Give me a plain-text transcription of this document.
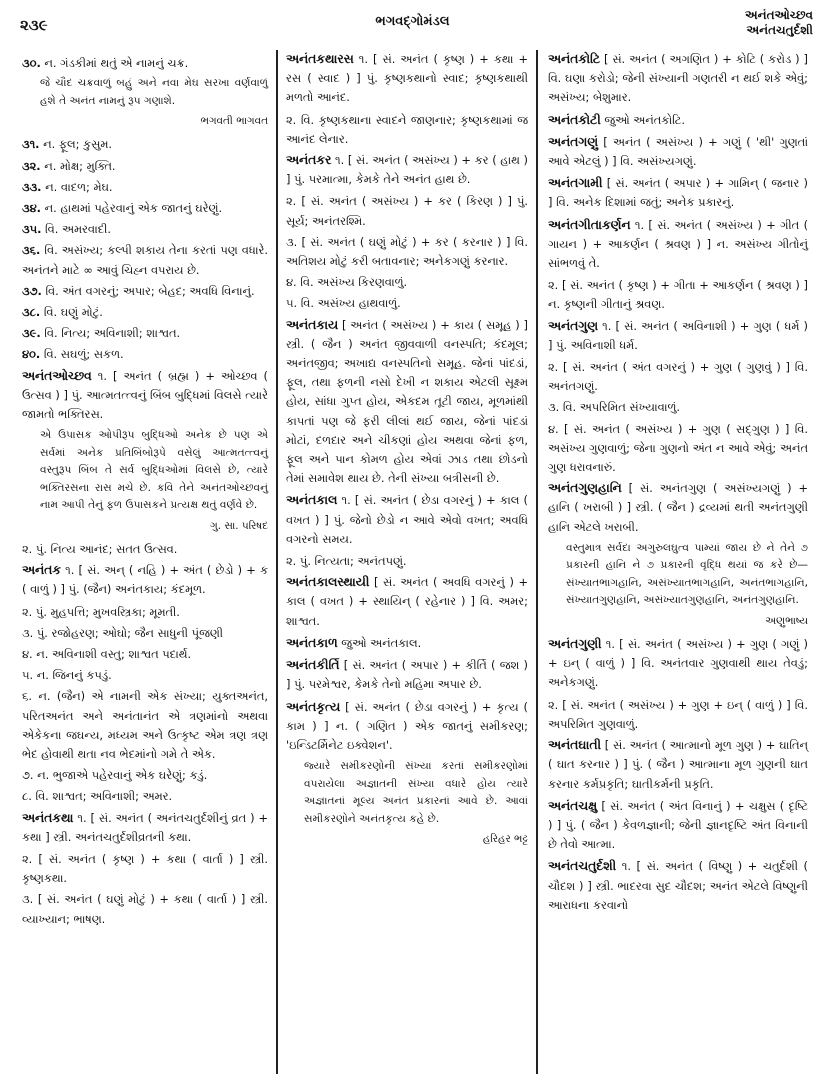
૨૩૯	ભગવદ્ગોમંડલ	અનંતઓચ્છવ
અનંતચતુર્દશી
૩૦. ન. ગંડકીમાં થતું એ નામનું ચક્ર.
જે ચૌદ ચક્રવાળું બહું અને નવા મેઘ સરખા વર્ણવાળું હશે તે અનંત નામનું રૂપ ગણાશે.
ભગવતી ભાગવત
૩૧. ન. ફૂલ; કુસુમ.
૩૨. ન. મોક્ષ; મુક્તિ.
૩૩. ન. વાદળ; મેઘ.
૩૪. ન. હાથમાં પહેરવાનું એક જાતનું ઘરેણું.
૩૫. વિ. અમરવાદી.
૩૬. વિ. અસંખ્ય; કલ્પી શકાય તેના કરતાં પણ વધારે. અનંતને માટે ∞ આવું ચિહ્ન વપરાય છે.
૩૭. વિ. અંત વગરનું; અપાર; બેહદ; અવધિ વિનાનું.
૩૮. વિ. ઘણું મોટું.
૩૯. વિ. નિત્ય; અવિનાશી; શાશ્વત.
૪૦. વિ. સઘળું; સકળ.
અનંતઓચ્છવ ૧. [ અનંત ( બ્રહ્મ ) + ઓચ્છવ ( ઉત્સવ ) ] પું. આત્મતત્ત્વનું બિંબ બુદ્ધિમાં વિલસે ત્યારે જામતો ભક્તિરસ.
એ ઉપાસક ઓપીરૂપ બુદ્ધિઓ અનેક છે પણ એ સર્વમાં અનેક પ્રતિબિંબોરૂપે વસેલું આત્મતત્ત્વનું વસ્તુરૂપ બિંબ તે સર્વ બુદ્ધિઓમાં વિલસે છે, ત્યારે ભક્તિરસના રાસ મચે છે. કવિ તેને અનંતઓચ્છવનું નામ આપી તેનું ફળ ઉપાસકને પ્રત્યક્ષ થતું વર્ણવે છે.
ગુ. સા. પરિષદ
૨. પું. નિત્ય આનંદ; સતત ઉત્સવ.
અનંતક ૧. [ સં. અન્ ( નહિ ) + અંત ( છેડો ) + ક ( વાળું ) ] પું. (જૈન) અનંતકાય; કંદમૂળ.
૨. પું. મુહપત્તિ; મુખવસ્ત્રિકા; મૂમતી.
૩. પું. રજોહરણ; ઓઘો; જૈન સાધુની પૂંજણી
૪. ન. અવિનાશી વસ્તુ; શાશ્વત પદાર્થ.
૫. ન. જિનનું કપડું.
૬. ન. (જૈન) એ નામની એક સંખ્યા; યુક્તઅનંત, પરિતઅનંત અને અનંતાનંત એ ત્રણમાંનો અથવા એકેકના જઘન્ય, મધ્યમ અને ઉત્કૃષ્ટ એમ ત્રણ ત્રણ ભેદ હોવાથી થતા નવ ભેદમાંનો ગમે તે એક.
૭. ન. ભુજાએ પહેરવાનું એક ઘરેણું; કડું.
૮. વિ. શાશ્વત; અવિનાશી; અમર.
અનંતકથા ૧. [ સં. અનંત ( અનંતચતુર્દશીનું વ્રત ) + કથા ] સ્ત્રી. અનંતચતુર્દશીવ્રતની કથા.
૨. [ સં. અનંત ( કૃષ્ણ ) + કથા ( વાર્તા ) ] સ્ત્રી. કૃષ્ણકથા.
૩. [ સં. અનંત ( ઘણું મોટું ) + કથા ( વાર્તા ) ] સ્ત્રી. વ્યાખ્યાન; ભાષણ.
અનંતકથારસ ૧. [ સં. અનંત ( કૃષ્ણ ) + કથા + રસ ( સ્વાદ ) ] પું. કૃષ્ણકથાનો સ્વાદ; કૃષ્ણકથાથી મળતો આનંદ.
૨. વિ. કૃષ્ણકથાના સ્વાદને જાણનાર; કૃષ્ણકથામાં જ આનંદ લેનાર.
અનંતકર ૧. [ સં. અનંત ( અસંખ્ય ) + કર ( હાથ ) ] પું. પરમાત્મા, કેમકે તેને અનંત હાથ છે.
૨. [ સં. અનંત ( અસંખ્ય ) + કર ( કિરણ ) ] પું. સૂર્ય; અનંતરશ્મિ.
૩. [ સં. અનંત ( ઘણું મોટું ) + કર ( કરનાર ) ] વિ. અતિશય મોટું કરી બતાવનાર; અનેકગણું કરનાર.
૪. વિ. અસંખ્ય કિરણવાળું.
૫. વિ. અસંખ્ય હાથવાળું.
અનંતકાય [ અનંત ( અસંખ્ય ) + કાય ( સમૂહ ) ] સ્ત્રી. ( જૈન ) અનંત જીવવાળી વનસ્પતિ; કંદમૂલ; અનંતજીવ; અખાદ્ય વનસ્પતિનો સમૂહ. જેનાં પાંદડાં, ફૂલ, તથા ફળની નસો દેખી ન શકાય એટલી સૂક્ષ્મ હોય, સાંધા ગુપ્ત હોય, એકદમ તૂટી જાય, મૂળમાંથી કાપતાં પણ જે ફરી લીલાં થઈ જાય, જેનાં પાંદડાં મોટાં, દળદાર અને ચીકણાં હોય અથવા જેનાં ફળ, ફૂલ અને પાન કોમળ હોય એવાં ઝાડ તથા છોડનો તેમાં સમાવેશ થાય છે. તેની સંખ્યા બત્રીસની છે.
અનંતકાલ ૧. [ સં. અનંત ( છેડા વગરનું ) + કાલ ( વખત ) ] પું. જેનો છેડો ન આવે એવો વખત; અવધિ વગરનો સમય.
૨. પું. નિત્યતા; અનંતપણું.
અનંતકાલસ્થાયી [ સં. અનંત ( અવધિ વગરનું ) + કાલ ( વખત ) + સ્થાયિન્ ( રહેનાર ) ] વિ. અમર; શાશ્વત.
અનંતકાળ જુઓ અનંતકાલ.
અનંતકીર્તિ [ સં. અનંત ( અપાર ) + કીર્તિ ( જશ ) ] પું. પરમેશ્વર, કેમકે તેનો મહિમા અપાર છે.
અનંતકૃત્ય [ સં. અનંત ( છેડા વગરનું ) + કૃત્ય ( કામ ) ] ન. ( ગણિત ) એક જાતનું સમીકરણ; 'ઇન્ડિટર્મિનેટ ઇક્વેશન'.
જ્યારે સમીકરણોની સંખ્યા કરતાં સમીકરણોમાં વપરાયેલા અજ્ઞાતની સંખ્યા વધારે હોય ત્યારે અજ્ઞાતનાં મૂલ્ય અનંત પ્રકારનાં આવે છે. આવાં સમીકરણોને અનંતકૃત્ય કહે છે.
હરિહર ભટ્ટ
અનંતકોટિ [ સં. અનંત ( અગણિત ) + કોટિ ( કરોડ ) ] વિ. ઘણા કરોડો; જેની સંખ્યાની ગણતરી ન થઈ શકે એવું; અસંખ્ય; બેશુમાર.
અનંતકોટી જુઓ અનંતકોટિ.
અનંતગણું [ અનંત ( અસંખ્ય ) + ગણું ( 'થી' ગુણતાં આવે એટલું ) ] વિ. અસંખ્યગણું.
અનંતગામી [ સં. અનંત ( અપાર ) + ગામિન્ ( જનાર ) ] વિ. અનેક દિશામાં જતું; અનેક પ્રકારનું.
અનંતગીતાકર્ણન ૧. [ સં. અનંત ( અસંખ્ય ) + ગીત ( ગાયન ) + આકર્ણન ( શ્રવણ ) ] ન. અસંખ્ય ગીતોનું સાંભળવું તે.
૨. [ સં. અનંત ( કૃષ્ણ ) + ગીતા + આકર્ણન ( શ્રવણ ) ] ન. કૃષ્ણની ગીતાનું શ્રવણ.
અનંતગુણ ૧. [ સં. અનંત ( અવિનાશી ) + ગુણ ( ધર્મ ) ] પું. અવિનાશી ધર્મ.
૨. [ સં. અનંત ( અંત વગરનું ) + ગુણ ( ગુણવું ) ] વિ. અનંતગણું.
૩. વિ. અપરિમિત સંખ્યાવાળું.
૪. [ સં. અનંત ( અસંખ્ય ) + ગુણ ( સદ્ગુણ ) ] વિ. અસંખ્ય ગુણવાળું; જેના ગુણનો અંત ન આવે એવું; અનંત ગુણ ધરાવનારું.
અનંતગુણહાનિ [ સં. અનંતગુણ ( અસંખ્યગણું ) + હાનિ ( ખરાબી ) ] સ્ત્રી. ( જૈન ) દ્રવ્યમાં થતી અનંતગુણી હાનિ એટલે ખરાબી.
વસ્તુમાત્ર સર્વદા અગુરુલઘુત્વ પામ્યાં જાય છે ને તેને ૭ પ્રકારની હાનિ ને ૭ પ્રકારની વૃદ્ધિ થયાં જ કરે છે—સંખ્યાતભાગહાનિ, અસંખ્યાતભાગહાનિ, અનંતભાગહાનિ, સંખ્યાતગુણહાનિ, અસંખ્યાતગુણહાનિ, અનંતગુણહાનિ.
અણુભાષ્ય
અનંતગુણી ૧. [ સં. અનંત ( અસંખ્ય ) + ગુણ ( ગણું ) + ઇન્ ( વાળું ) ] વિ. અનંતવાર ગુણવાથી થાય તેવડું; અનેકગણું.
૨. [ સં. અનંત ( અસંખ્ય ) + ગુણ + ઇન્ ( વાળું ) ] વિ. અપરિમિત ગુણવાળું.
અનંતઘાતી [ સં. અનંત ( આત્માનો મૂળ ગુણ ) + ઘાતિન્ ( ઘાત કરનાર ) ] પું. ( જૈન ) આત્માના મૂળ ગુણની ઘાત કરનાર કર્મપ્રકૃતિ; ઘાતીકર્મની પ્રકૃતિ.
અનંતચક્ષુ [ સં. અનંત ( અંત વિનાનું ) + ચક્ષુસ ( દૃષ્ટિ ) ] પું. ( જૈન ) કેવળજ્ઞાની; જેની જ્ઞાનદૃષ્ટિ અંત વિનાની છે તેવો આત્મા.
અનંતચતુર્દશી ૧. [ સં. અનંત ( વિષ્ણુ ) + ચતુર્દશી ( ચૌદશ ) ] સ્ત્રી. ભાદરવા સુદ ચૌદશ; અનંત એટલે વિષ્ણુની આરાધના કરવાનો
